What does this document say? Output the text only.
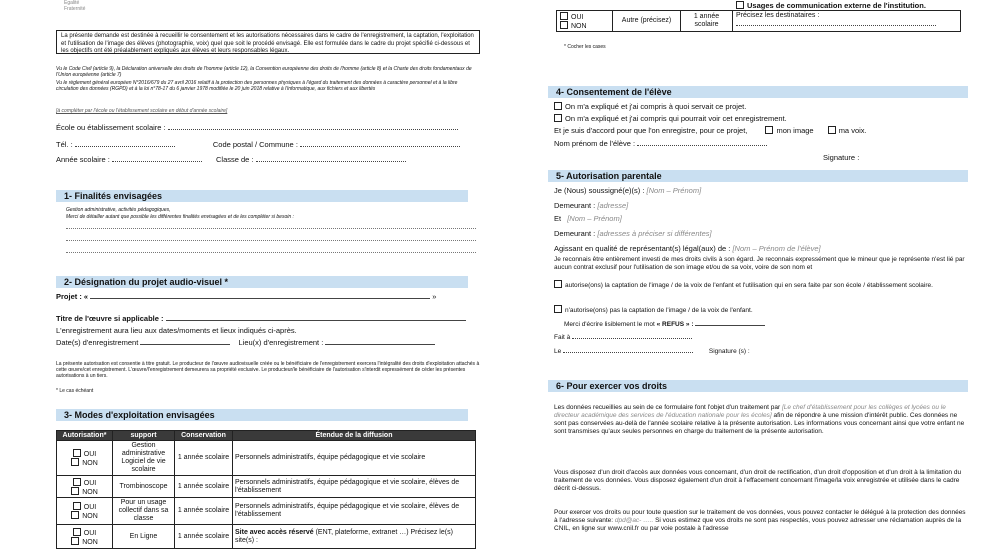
Egalité
Fraternité
La présente demande est destinée à recueillir le consentement et les autorisations nécessaires dans le cadre de l'enregistrement, la captation, l'exploitation et l'utilisation de l'image des élèves (photographie, voix) quel que soit le procédé envisagé. Elle est formulée dans le cadre du projet spécifié ci-dessous et les objectifs ont été préalablement expliqués aux élèves et leurs responsables légaux.
Vu le Code Civil (article 9), la Déclaration universelle des droits de l'homme (article 12), la Convention européenne des droits de l'homme (article 8) et la Charte des droits fondamentaux de l'Union européenne (article 7)
Vu le règlement général européen N°2016/679 du 27 avril 2016 relatif à la protection des personnes physiques à l'égard du traitement des données à caractère personnel et à la libre circulation des données (RGPD) et à la loi n°78-17 du 6 janvier 1978 modifiée le 20 juin 2018 relative à l'informatique, aux fichiers et aux libertés
[à compléter par l'école ou l'établissement scolaire en début d'année scolaire]
École ou établissement scolaire :
Tél. :	Code postal / Commune :
Année scolaire :	Classe de :
1- Finalités envisagées
Gestion administrative, activités pédagogiques,
Merci de détailler autant que possible les différentes finalités envisagées et de les compléter si besoin :
2- Désignation du projet audio-visuel *
Projet : «	»
Titre de l'œuvre si applicable :
L'enregistrement aura lieu aux dates/moments et lieux indiqués ci-après.
Date(s) d'enregistrement	Lieu(x) d'enregistrement :
La présente autorisation est consentie à titre gratuit. Le producteur de l'œuvre audiovisuelle créée ou le bénéficiaire de l'enregistrement exercera l'intégralité des droits d'exploitation attachés à cette œuvre/cet enregistrement. L'œuvre/l'enregistrement demeurera sa propriété exclusive. Le producteur/le bénéficiaire de l'autorisation s'interdit expressément de céder les présentes autorisations à un tiers.
* Le cas échéant
3- Modes d'exploitation envisagées
Autorisation*	support	Conservation	Étendue de la diffusion

OUI
NON	Gestion administrative Logiciel de vie scolaire	1 année scolaire	Personnels administratifs, équipe pédagogique et vie scolaire

OUI
NON	Trombinoscope	1 année scolaire	Personnels administratifs, équipe pédagogique et vie scolaire, élèves de l'établissement

OUI
NON	Pour un usage collectif dans sa classe	1 année scolaire	Personnels administratifs, équipe pédagogique et vie scolaire, élèves de l'établissement

OUI
NON	En Ligne	1 année scolaire	Site avec accès réservé (ENT, plateforme, extranet …) Précisez le(s) site(s) :
OUI
NON
	Autre (précisez)	1 année scolaire	
Précisez les destinataires :
Usages de communication externe de l'institution.
* Cocher les cases
4- Consentement de l'élève
On m'a expliqué et j'ai compris à quoi servait ce projet.
On m'a expliqué et j'ai compris qui pourrait voir cet enregistrement.
Et je suis d'accord pour que l'on enregistre, pour ce projet,	mon image	ma voix.
Nom prénom de l'élève :
Signature :
5- Autorisation parentale
Je (Nous) soussigné(e)(s) : [Nom – Prénom]
Demeurant : [adresse]
Et [Nom – Prénom]
Demeurant : [adresses à préciser si différentes]
Agissant en qualité de représentant(s) légal(aux) de : [Nom – Prénom de l'élève]
Je reconnais être entièrement investi de mes droits civils à son égard. Je reconnais expressément que le mineur que je représente n'est lié par aucun contrat exclusif pour l'utilisation de son image et/ou de sa voix, voire de son nom et
autorise(ons) la captation de l'image / de la voix de l'enfant et l'utilisation qui en sera faite par son école / établissement scolaire.
n'autorise(ons) pas la captation de l'image / de la voix de l'enfant.
Merci d'écrire lisiblement le mot « REFUS » :
Fait à
Le	Signature (s) :
6- Pour exercer vos droits
Les données recueillies au sein de ce formulaire font l'objet d'un traitement par [Le chef d'établissement pour les collèges et lycées ou le directeur académique des services de l'éducation nationale pour les écoles] afin de répondre à une mission d'intérêt public. Ces données ne sont pas conservées au-delà de l'année scolaire relative à la présente autorisation. Les informations vous concernant ainsi que votre enfant ne sont transmises qu'aux seules personnes en charge du traitement de la présente autorisation.
Vous disposez d'un droit d'accès aux données vous concernant, d'un droit de rectification, d'un droit d'opposition et d'un droit à la limitation du traitement de vos données. Vous disposez également d'un droit à l'effacement concernant l'image/la voix enregistrée et utilisée dans le cadre décrit ci-dessus.
Pour exercer vos droits ou pour toute question sur le traitement de vos données, vous pouvez contacter le délégué à la protection des données à l'adresse suivante: dpd@ac- ….. Si vous estimez que vos droits ne sont pas respectés, vous pouvez adresser une réclamation auprès de la CNIL, en ligne sur www.cnil.fr ou par voie postale à l'adresse
